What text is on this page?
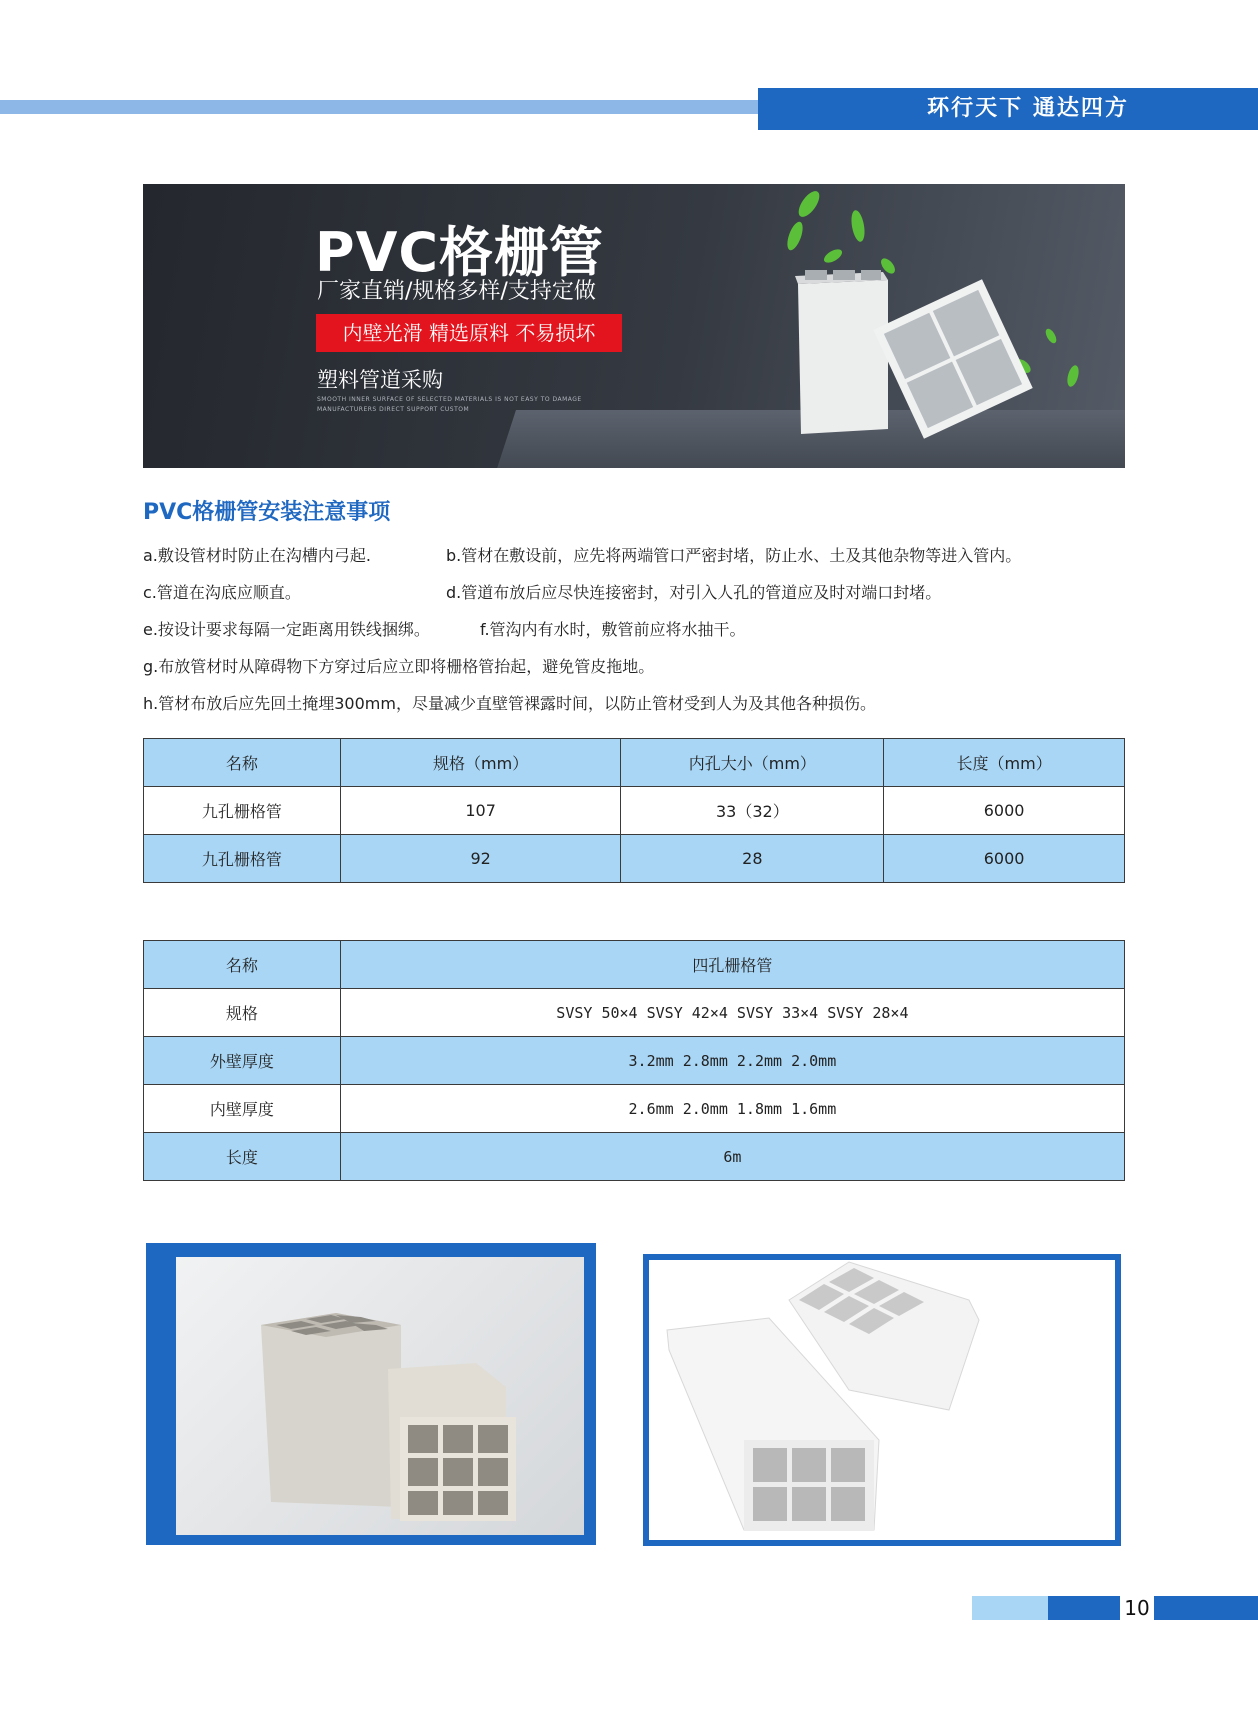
环行天下 通达四方
PVC格栅管
厂家直销/规格多样/支持定做
内壁光滑 精选原料 不易损坏
塑料管道采购
SMOOTH INNER SURFACE OF SELECTED MATERIALS IS NOT EASY TO DAMAGE
MANUFACTURERS DIRECT SUPPORT CUSTOM
PVC格栅管安装注意事项
a.敷设管材时防止在沟槽内弓起.	b.管材在敷设前，应先将两端管口严密封堵，防止水、土及其他杂物等进入管内。
c.管道在沟底应顺直。	d.管道布放后应尽快连接密封，对引入人孔的管道应及时对端口封堵。
e.按设计要求每隔一定距离用铁线捆绑。	f.管沟内有水时，敷管前应将水抽干。
g.布放管材时从障碍物下方穿过后应立即将栅格管抬起，避免管皮拖地。
h.管材布放后应先回土掩埋300mm，尽量减少直壁管裸露时间，以防止管材受到人为及其他各种损伤。
名称	规格（mm）	内孔大小（mm）	长度（mm）
九孔栅格管	107	33（32）	6000
九孔栅格管	92	28	6000
名称	四孔栅格管
规格	SVSY 50×4 SVSY 42×4 SVSY 33×4 SVSY 28×4
外壁厚度	3.2mm 2.8mm 2.2mm 2.0mm
内壁厚度	2.6mm 2.0mm 1.8mm 1.6mm
长度	6m
10
